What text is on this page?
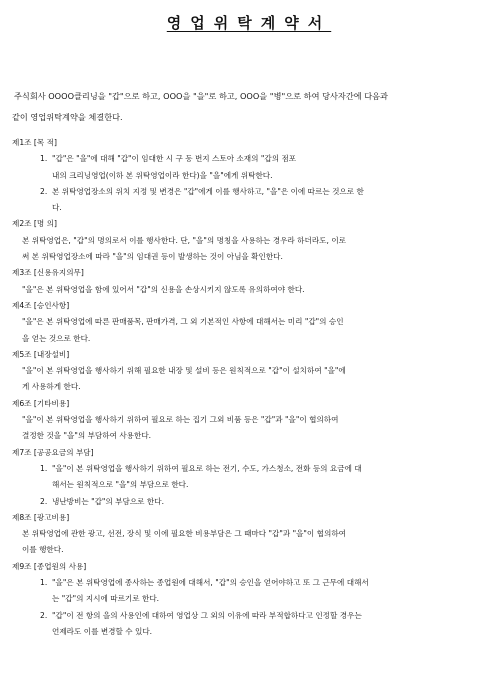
영업위탁계약서

주식회사 OOOO클리닝을 "갑"으로 하고, OOO을 "을"로 하고, OOO을 "병"으로 하여 당사자간에 다음과

같이 영업위탁계약을 체결한다.

제1조 [목 적]

1. "갑"은 "을"에 대해 "갑"이 임대한 시 구 동 번지 스토아 소재의 "갑의 점포
내의 크리닝영업(이하 본 위탁영업이라 한다)을 "을"에게 위탁한다.
2. 본 위탁영업장소의 위치 지정 및 변경은 "갑"에게 이를 행사하고, "을"은 이에 따르는 것으로 한
다.

제2조 [명 의]

본 위탁영업은, "갑"의 명의로서 이를 행사한다. 단, "을"의 명칭을 사용하는 경우라 하더라도, 이로

써 본 위탁영업장소에 따라 "을"의 임대권 등이 발생하는 것이 아님을 확인한다.

제3조 [신용유지의무]

"을"은 본 위탁영업을 함에 있어서 "갑"의 신용을 손상시키지 않도록 유의하여야 한다.

제4조 [승인사항]

"을"은 본 위탁영업에 따른 판매품목, 판매가격, 그 외 기본적인 사항에 대해서는 미리 "갑"의 승인

을 얻는 것으로 한다.

제5조 [내장설비]

"을"이 본 위탁영업을 행사하기 위해 필요한 내장 및 설비 등은 원칙적으로 "갑"이 설치하여 "을"에

게 사용하게 한다.

제6조 [기타비용]

"을"이 본 위탁영업을 행사하기 위하여 필요로 하는 집기 그외 비품 등은 "갑"과 "을"이 협의하여

결정한 것을 "을"의 부담하여 사용한다.

제7조 [공공요금의 부담]

1. "을"이 본 위탁영업을 행사하기 위하여 필요로 하는 전기, 수도, 가스청소, 전화 등의 요금에 대
해서는 원칙적으로 "을"의 부담으로 한다.
2. 냉난방비는 "갑"의 부담으로 한다.

제8조 [광고비용]

본 위탁영업에 관한 광고, 선전, 장식 및 이에 필요한 비용부담은 그 때마다 "갑"과 "을"이 협의하여

이를 행한다.

제9조 [종업원의 사용]

1. "을"은 본 위탁영업에 종사하는 종업원에 대해서, "갑"의 승인을 얻어야하고 또 그 근무에 대해서
는 "갑"의 지시에 따르기로 한다.
2. "갑"이 전 항의 을의 사용인에 대하여 영업상 그 외의 이유에 따라 부적합하다고 인정할 경우는
언제라도 이를 변경할 수 있다.
